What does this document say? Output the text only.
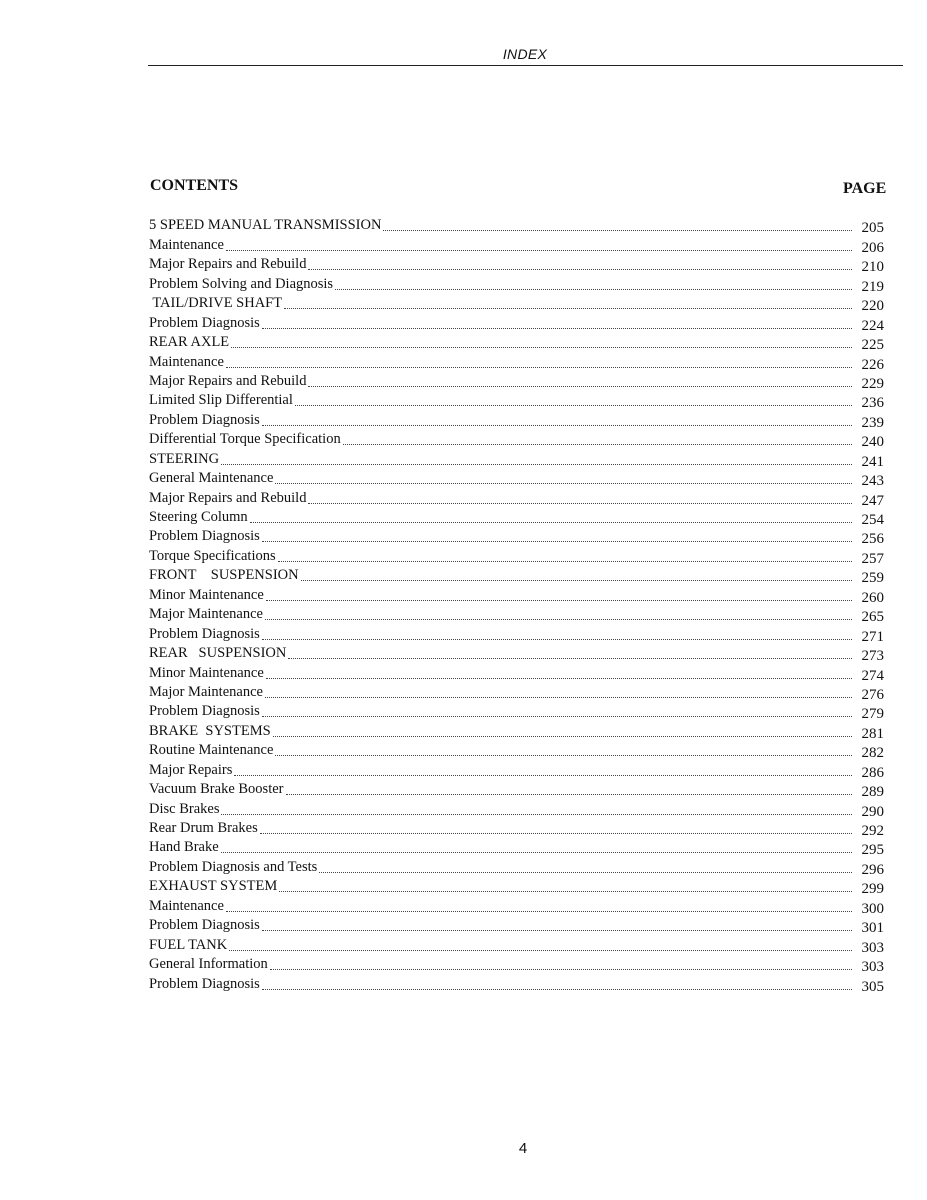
INDEX
CONTENTS	PAGE
5 SPEED MANUAL TRANSMISSION	205
Maintenance	206
Major Repairs and Rebuild	210
Problem Solving and Diagnosis	219
TAIL/DRIVE SHAFT	220
Problem Diagnosis	224
REAR AXLE	225
Maintenance	226
Major Repairs and Rebuild	229
Limited Slip Differential	236
Problem Diagnosis	239
Differential Torque Specification	240
STEERING	241
General Maintenance	243
Major Repairs and Rebuild	247
Steering Column	254
Problem Diagnosis	256
Torque Specifications	257
FRONT    SUSPENSION	259
Minor Maintenance	260
Major Maintenance	265
Problem Diagnosis	271
REAR   SUSPENSION	273
Minor Maintenance	274
Major Maintenance	276
Problem Diagnosis	279
BRAKE  SYSTEMS	281
Routine Maintenance	282
Major Repairs	286
Vacuum Brake Booster	289
Disc Brakes	290
Rear Drum Brakes	292
Hand Brake	295
Problem Diagnosis and Tests	296
EXHAUST SYSTEM	299
Maintenance	300
Problem Diagnosis	301
FUEL TANK	303
General Information	303
Problem Diagnosis	305
4
